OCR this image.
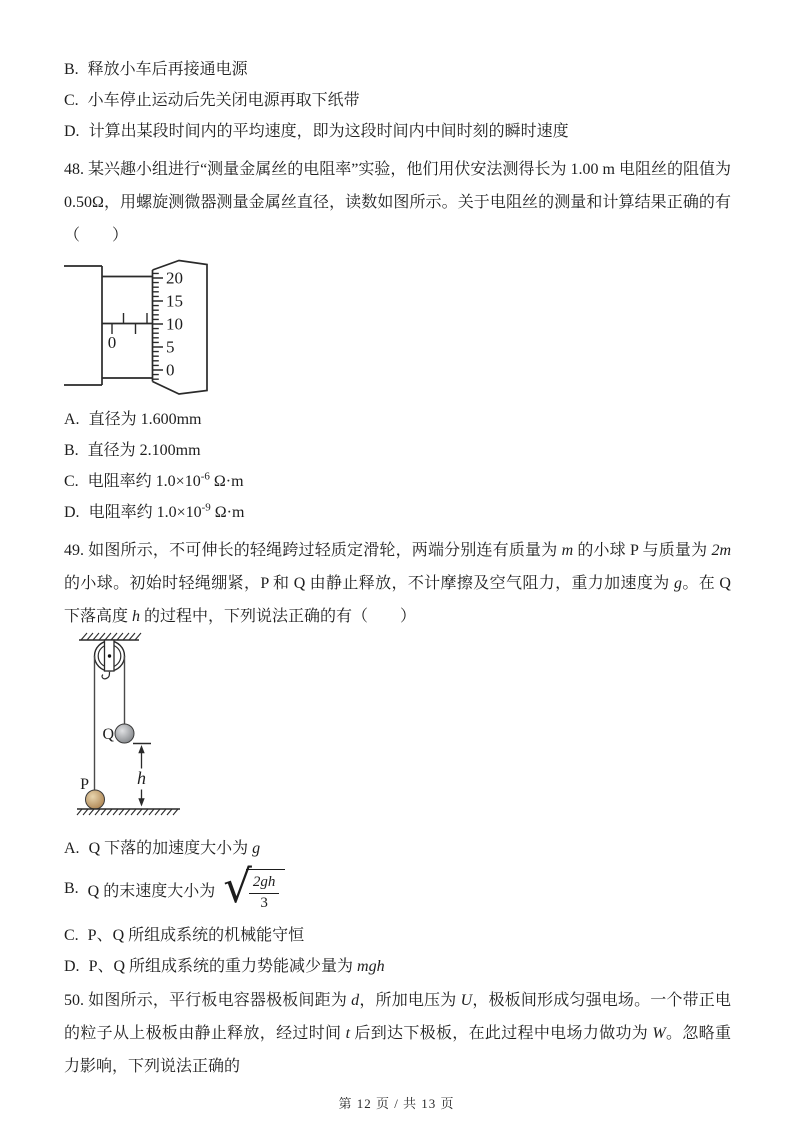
B. 释放小车后再接通电源
C. 小车停止运动后先关闭电源再取下纸带
D. 计算出某段时间内的平均速度，即为这段时间内中间时刻的瞬时速度

48. 某兴趣小组进行“测量金属丝的电阻率”实验，他们用伏安法测得长为 1.00 m 电阻丝的阻值为 0.50Ω，用螺旋测微器测量金属丝直径，读数如图所示。关于电阻丝的测量和计算结果正确的有（　　）

0
20
15
10
5
0
A. 直径为 1.600mm
B. 直径为 2.100mm
C. 电阻率约 $1.0\times 10^{-6}$ Ω·m
D. 电阻率约 $1.0\times 10^{-9}$ Ω·m

49. 如图所示，不可伸长的轻绳跨过轻质定滑轮，两端分别连有质量为 m 的小球 P 与质量为 2m 的小球。初始时轻绳绷紧，P 和 Q 由静止释放，不计摩擦及空气阻力，重力加速度为 g。在 Q 下落高度 h 的过程中，下列说法正确的有（　　）

Q
P	h
A. Q 下落的加速度大小为 g
B. Q 的末速度大小为 √
$\frac{2gh}{3}$
C. P、Q 所组成系统的机械能守恒
D. P、Q 所组成系统的重力势能减少量为 mgh

50. 如图所示，平行板电容器极板间距为 d，所加电压为 U，极板间形成匀强电场。一个带正电的粒子从上极板由静止释放，经过时间 t 后到达下极板，在此过程中电场力做功为 W。忽略重力影响，下列说法正确的

第 12 页 / 共 13 页
